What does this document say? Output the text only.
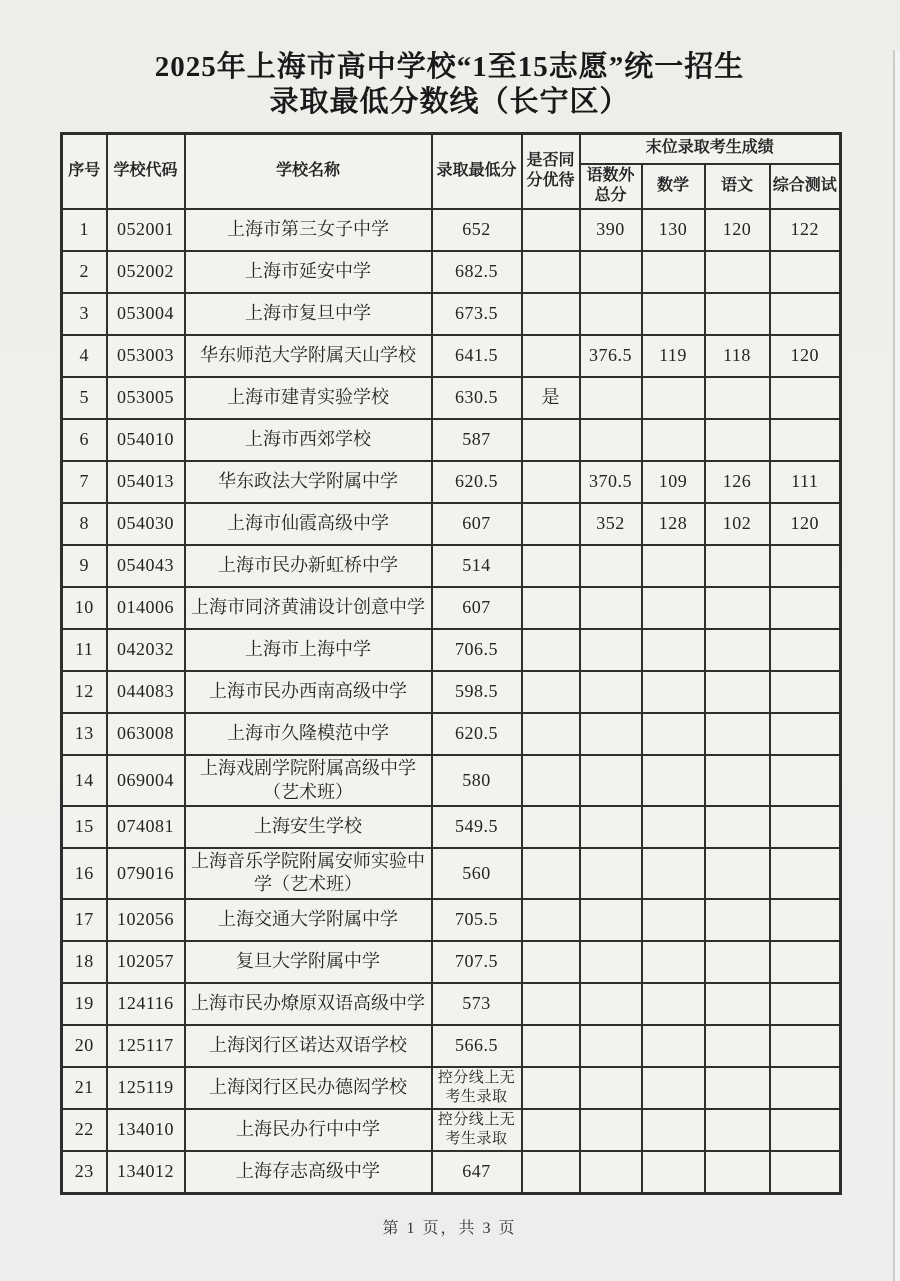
2025年上海市高中学校“1至15志愿”统一招生
录取最低分数线（长宁区）
序号	学校代码	学校名称	录取最低分	是否同分优待	末位录取考生成绩			
					语数外总分	数学	语文	综合测试
1	052001	上海市第三女子中学	652		390	130	120	122
2	052002	上海市延安中学	682.5					
3	053004	上海市复旦中学	673.5					
4	053003	华东师范大学附属天山学校	641.5		376.5	119	118	120
5	053005	上海市建青实验学校	630.5	是				
6	054010	上海市西郊学校	587					
7	054013	华东政法大学附属中学	620.5		370.5	109	126	111
8	054030	上海市仙霞高级中学	607		352	128	102	120
9	054043	上海市民办新虹桥中学	514					
10	014006	上海市同济黄浦设计创意中学	607					
11	042032	上海市上海中学	706.5					
12	044083	上海市民办西南高级中学	598.5					
13	063008	上海市久隆模范中学	620.5					
14	069004	上海戏剧学院附属高级中学（艺术班）	580					
15	074081	上海安生学校	549.5					
16	079016	上海音乐学院附属安师实验中学（艺术班）	560					
17	102056	上海交通大学附属中学	705.5					
18	102057	复旦大学附属中学	707.5					
19	124116	上海市民办燎原双语高级中学	573					
20	125117	上海闵行区诺达双语学校	566.5					
21	125119	上海闵行区民办德闳学校	控分线上无考生录取					
22	134010	上海民办行中中学	控分线上无考生录取					
23	134012	上海存志高级中学	647					
第 1 页，共 3 页
